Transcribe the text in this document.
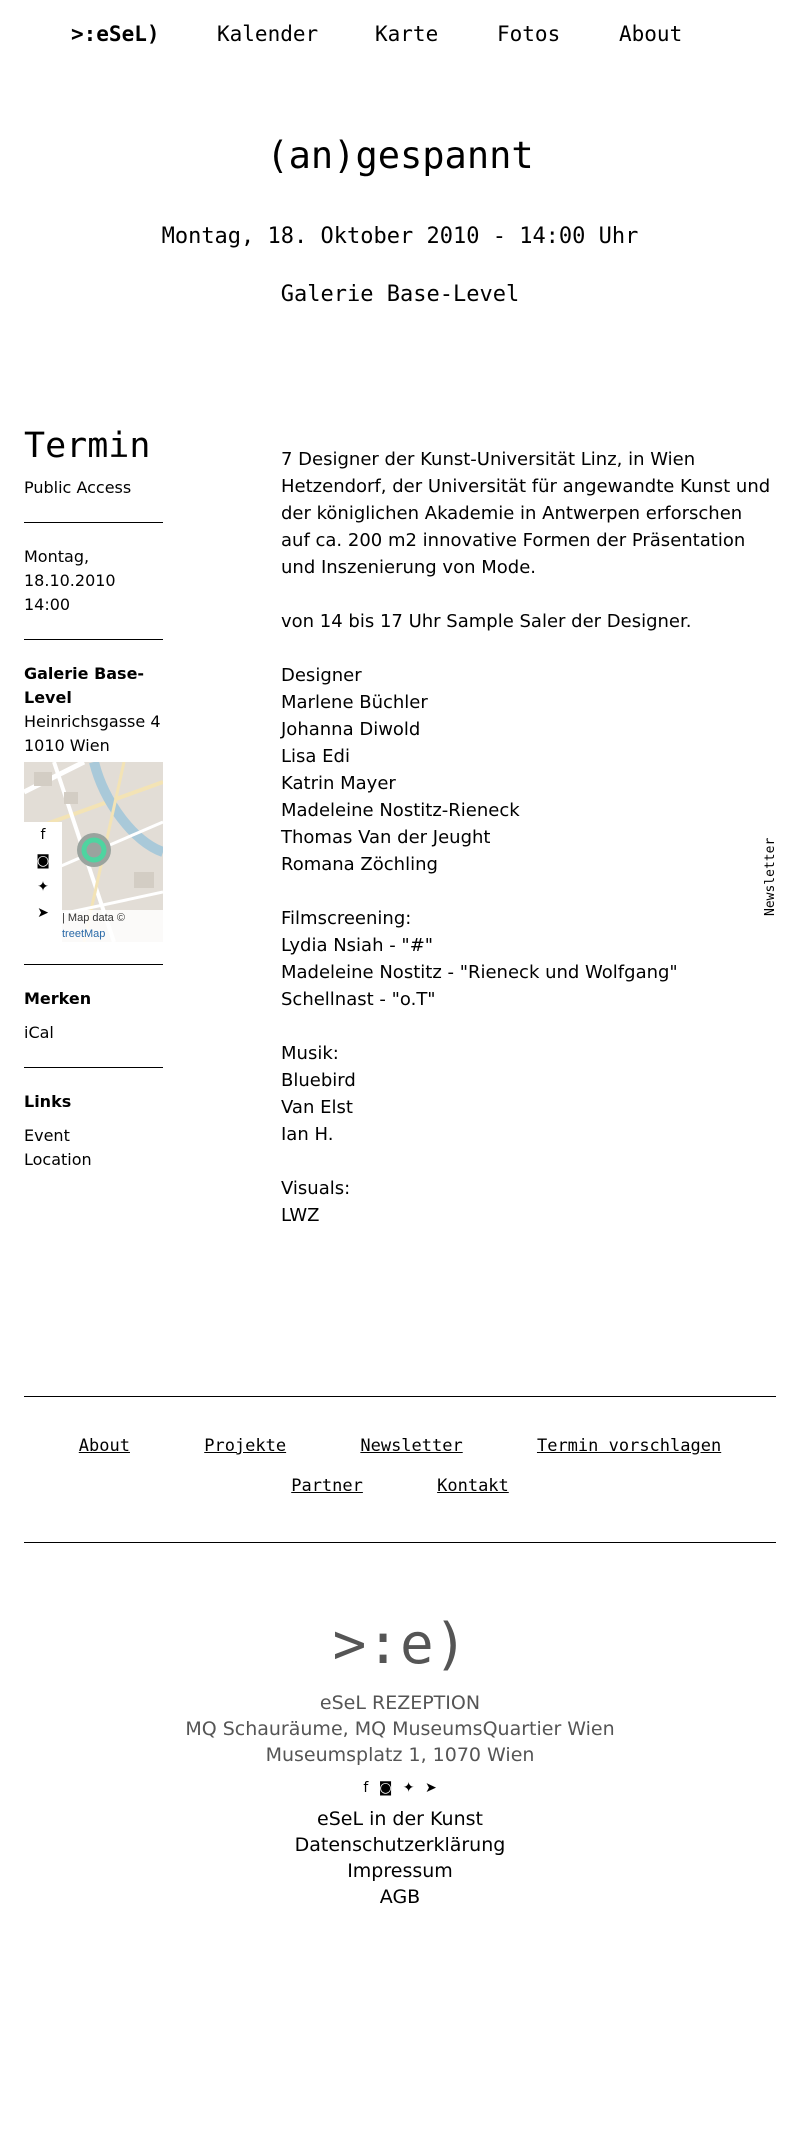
>:eSeL)	Kalender	Karte	Fotos	About
(an)gespannt
Montag, 18. Oktober 2010 - 14:00 Uhr
Galerie Base-Level
Termin
Public Access
Montag,
18.10.2010 14:00
Galerie Base-Level
Heinrichsgasse 4
1010 Wien
f
◙
✦
➤	| Map data ©
treetMap
Merken
iCal
Links
Event
Location

7 Designer der Kunst-Universität Linz, in Wien Hetzendorf, der Universität für angewandte Kunst und der königlichen Akademie in Antwerpen erforschen auf ca. 200 m2 innovative Formen der Präsentation und Inszenierung von Mode.

von 14 bis 17 Uhr Sample Saler der Designer.

Designer
Marlene Büchler
Johanna Diwold
Lisa Edi
Katrin Mayer
Madeleine Nostitz-Rieneck
Thomas Van der Jeught
Romana Zöchling

Filmscreening:
Lydia Nsiah - "#"
Madeleine Nostitz - "Rieneck und Wolfgang" Schellnast - "o.T"

Musik:
Bluebird
Van Elst
Ian H.

Visuals:
LWZ

Newsletter
About	Projekte	Newsletter	Termin vorschlagen
Partner	Kontakt
>:e)
eSeL REZEPTION
MQ Schauräume, MQ MuseumsQuartier Wien
Museumsplatz 1, 1070 Wien
f ◙ ✦ ➤
eSeL in der Kunst
Datenschutzerklärung
Impressum
AGB
